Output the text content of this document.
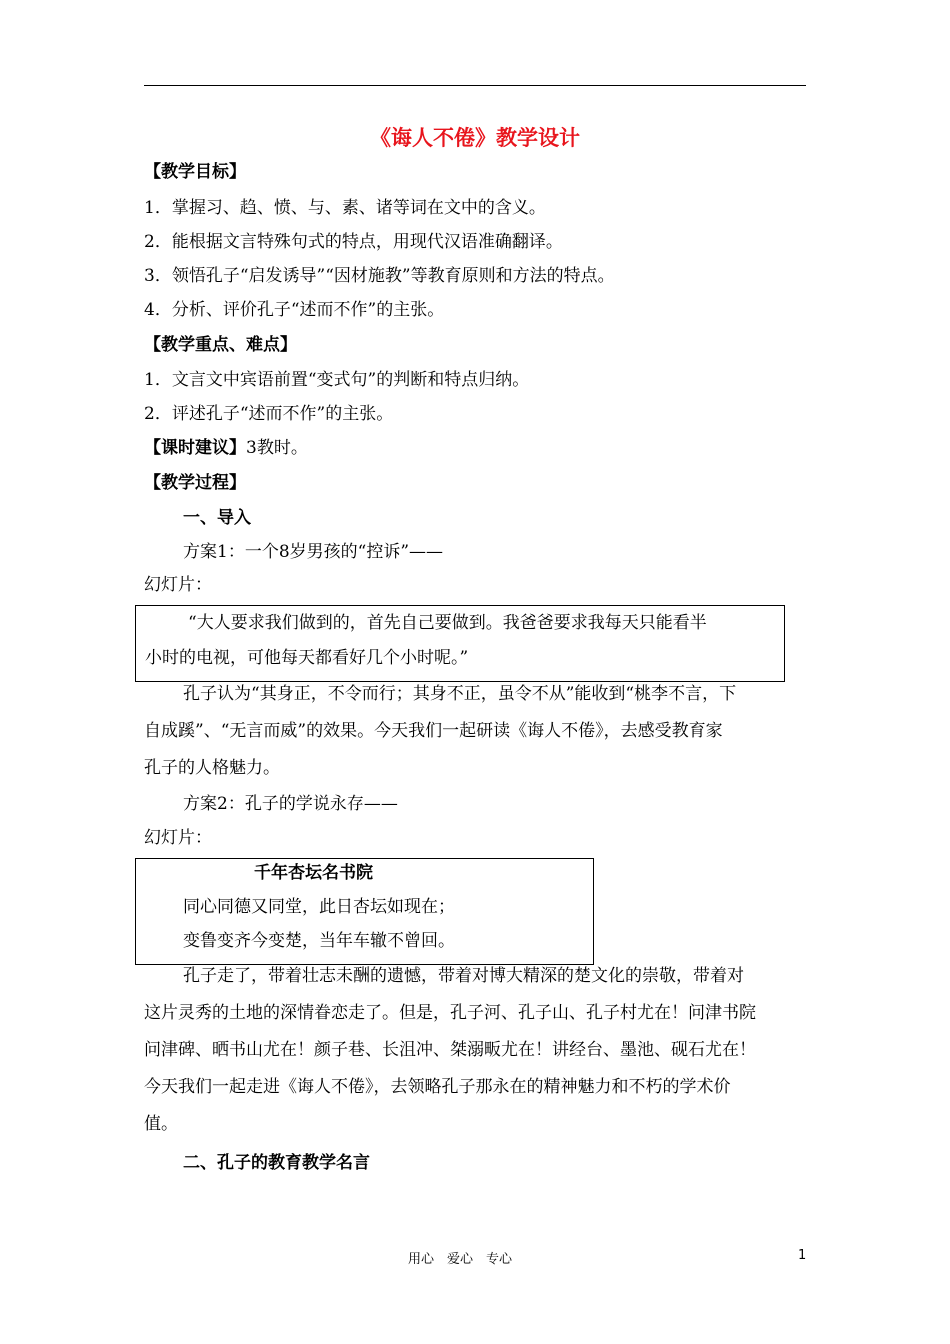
《诲人不倦》教学设计
【教学目标】
1．掌握习、趋、愤、与、素、诸等词在文中的含义。
2．能根据文言特殊句式的特点，用现代汉语准确翻译。
3．领悟孔子“启发诱导”“因材施教”等教育原则和方法的特点。
4．分析、评价孔子“述而不作”的主张。
【教学重点、难点】
1．文言文中宾语前置“变式句”的判断和特点归纳。
2．评述孔子“述而不作”的主张。
【课时建议】3教时。
【教学过程】
一、导入
方案1：一个8岁男孩的“控诉”——
幻灯片：
“大人要求我们做到的，首先自己要做到。我爸爸要求我每天只能看半
小时的电视，可他每天都看好几个小时呢。”
孔子认为“其身正，不令而行；其身不正，虽令不从”能收到“桃李不言，下
自成蹊”、“无言而威”的效果。今天我们一起研读《诲人不倦》，去感受教育家
孔子的人格魅力。
方案2：孔子的学说永存——
幻灯片：
千年杏坛名书院
同心同德又同堂，此日杏坛如现在；
变鲁变齐今变楚，当年车辙不曾回。
孔子走了，带着壮志未酬的遗憾，带着对博大精深的楚文化的崇敬，带着对
这片灵秀的土地的深情眷恋走了。但是，孔子河、孔子山、孔子村尤在！问津书院
问津碑、晒书山尤在！颜子巷、长沮冲、桀溺畈尤在！讲经台、墨池、砚石尤在！
今天我们一起走进《诲人不倦》，去领略孔子那永在的精神魅力和不朽的学术价
值。
二、孔子的教育教学名言
用心　爱心　专心	1
